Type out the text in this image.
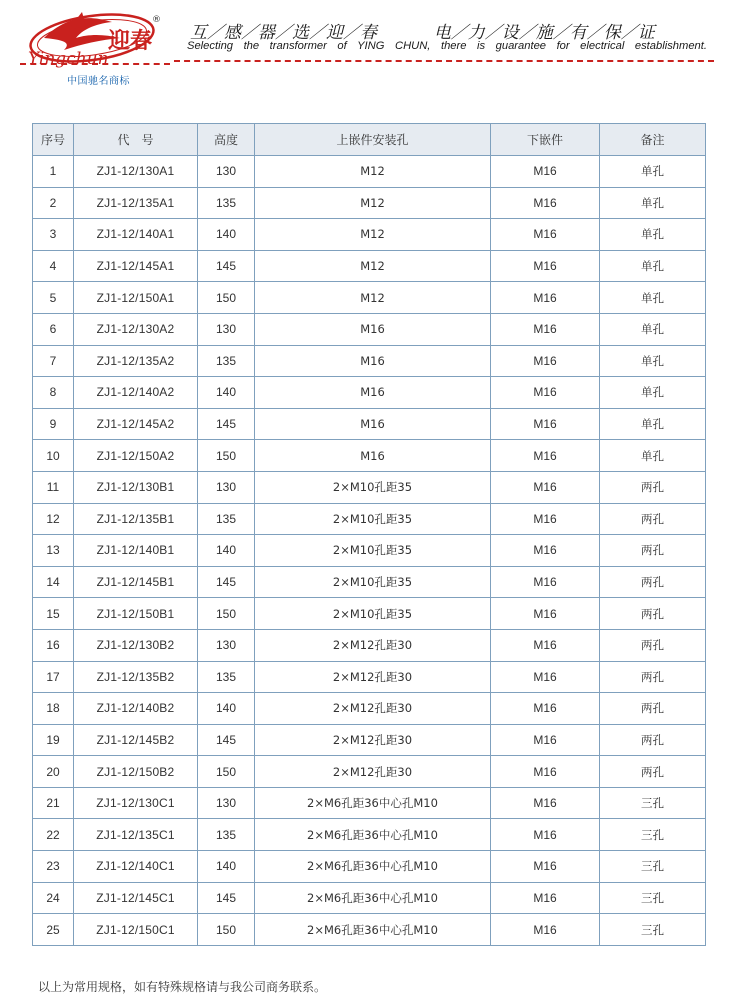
Yingchun
迎春
®
中国驰名商标
互／感／器／选／迎／春	电／力／设／施／有／保／证
Selecting the transformer of YING CHUN, there is guarantee for electrical establishment.
序号	代　号	高度	上嵌件安装孔	下嵌件	备注
1	ZJ1-12/130A1	130	M12	M16	单孔
2	ZJ1-12/135A1	135	M12	M16	单孔
3	ZJ1-12/140A1	140	M12	M16	单孔
4	ZJ1-12/145A1	145	M12	M16	单孔
5	ZJ1-12/150A1	150	M12	M16	单孔
6	ZJ1-12/130A2	130	M16	M16	单孔
7	ZJ1-12/135A2	135	M16	M16	单孔
8	ZJ1-12/140A2	140	M16	M16	单孔
9	ZJ1-12/145A2	145	M16	M16	单孔
10	ZJ1-12/150A2	150	M16	M16	单孔
11	ZJ1-12/130B1	130	2×M10孔距35	M16	两孔
12	ZJ1-12/135B1	135	2×M10孔距35	M16	两孔
13	ZJ1-12/140B1	140	2×M10孔距35	M16	两孔
14	ZJ1-12/145B1	145	2×M10孔距35	M16	两孔
15	ZJ1-12/150B1	150	2×M10孔距35	M16	两孔
16	ZJ1-12/130B2	130	2×M12孔距30	M16	两孔
17	ZJ1-12/135B2	135	2×M12孔距30	M16	两孔
18	ZJ1-12/140B2	140	2×M12孔距30	M16	两孔
19	ZJ1-12/145B2	145	2×M12孔距30	M16	两孔
20	ZJ1-12/150B2	150	2×M12孔距30	M16	两孔
21	ZJ1-12/130C1	130	2×M6孔距36中心孔M10	M16	三孔
22	ZJ1-12/135C1	135	2×M6孔距36中心孔M10	M16	三孔
23	ZJ1-12/140C1	140	2×M6孔距36中心孔M10	M16	三孔
24	ZJ1-12/145C1	145	2×M6孔距36中心孔M10	M16	三孔
25	ZJ1-12/150C1	150	2×M6孔距36中心孔M10	M16	三孔
以上为常用规格，如有特殊规格请与我公司商务联系。
